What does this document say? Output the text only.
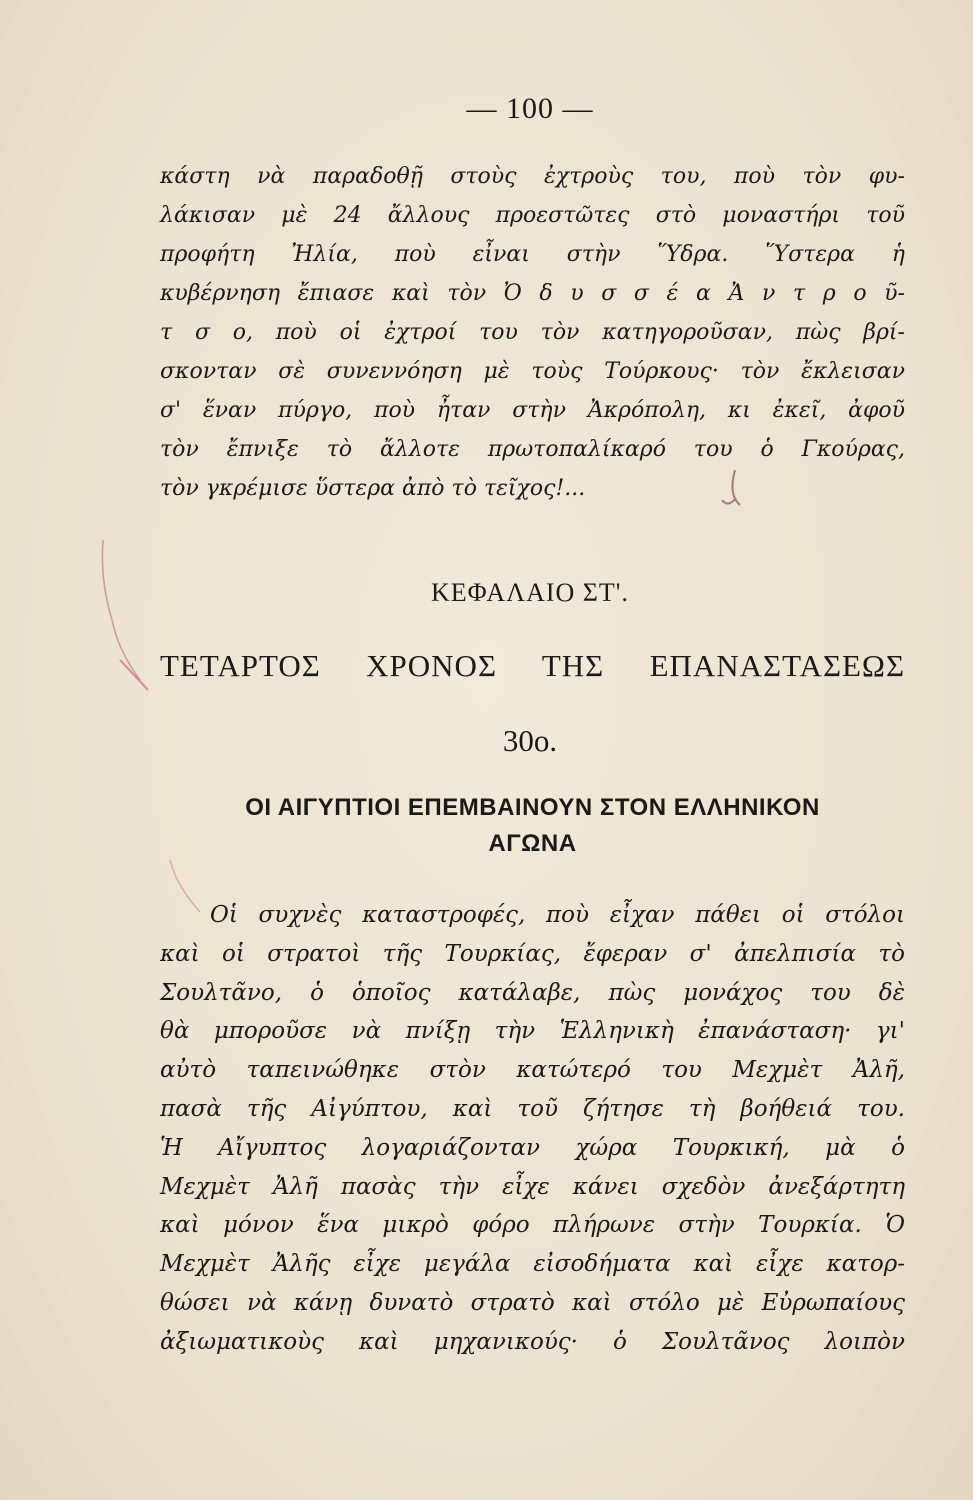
— 100 —
κάστη νὰ παραδοθῇ στοὺς ἐχτροὺς του, ποὺ τὸν φυ-
λάκισαν μὲ 24 ἄλλους προεστῶτες στὸ μοναστήρι τοῦ
προφήτη Ἠλία, ποὺ εἶναι στὴν Ὕδρα. Ὕστερα ἡ
κυβέρνηση ἔπιασε καὶ τὸν Ὀ δ υ σ σ έ α Ἀ ν τ ρ ο ῦ-
τ σ ο, ποὺ οἱ ἐχτροί του τὸν κατηγοροῦσαν, πὼς βρί-
σκονταν σὲ συνεννόηση μὲ τοὺς Τούρκους· τὸν ἔκλεισαν
σ' ἕναν πύργο, ποὺ ἦταν στὴν Ἀκρόπολη, κι ἐκεῖ, ἀφοῦ
τὸν ἔπνιξε τὸ ἄλλοτε πρωτοπαλίκαρό του ὁ Γκούρας,
τὸν γκρέμισε ὕστερα ἀπὸ τὸ τεῖχος!...
ΚΕΦΑΛΑΙΟ ΣΤ'.
ΤΕΤΑΡΤΟΣ ΧΡΟΝΟΣ ΤΗΣ ΕΠΑΝΑΣΤΑΣΕΩΣ
30ο.
ΟΙ ΑΙΓΥΠΤΙΟΙ ΕΠΕΜΒΑΙΝΟΥΝ ΣΤΟΝ ΕΛΛΗΝΙΚΟΝ
ΑΓΩΝΑ
Οἱ συχνὲς καταστροφές, ποὺ εἶχαν πάθει οἱ στόλοι
καὶ οἱ στρατοὶ τῆς Τουρκίας, ἔφεραν σ' ἀπελπισία τὸ
Σουλτᾶνο, ὁ ὁποῖος κατάλαβε, πὼς μονάχος του δὲ
θὰ μποροῦσε νὰ πνίξῃ τὴν Ἑλληνικὴ ἐπανάσταση· γι'
αὐτὸ ταπεινώθηκε στὸν κατώτερό του Μεχμὲτ Ἀλῆ,
πασὰ τῆς Αἰγύπτου, καὶ τοῦ ζήτησε τὴ βοήθειά του.
Ἡ Αἴγυπτος λογαριάζονταν χώρα Τουρκική, μὰ ὁ
Μεχμὲτ Ἀλῆ πασὰς τὴν εἶχε κάνει σχεδὸν ἀνεξάρτητη
καὶ μόνον ἕνα μικρὸ φόρο πλήρωνε στὴν Τουρκία. Ὁ
Μεχμὲτ Ἀλῆς εἶχε μεγάλα εἰσοδήματα καὶ εἶχε κατορ-
θώσει νὰ κάνῃ δυνατὸ στρατὸ καὶ στόλο μὲ Εὐρωπαίους
ἀξιωματικοὺς καὶ μηχανικούς· ὁ Σουλτᾶνος λοιπὸν
